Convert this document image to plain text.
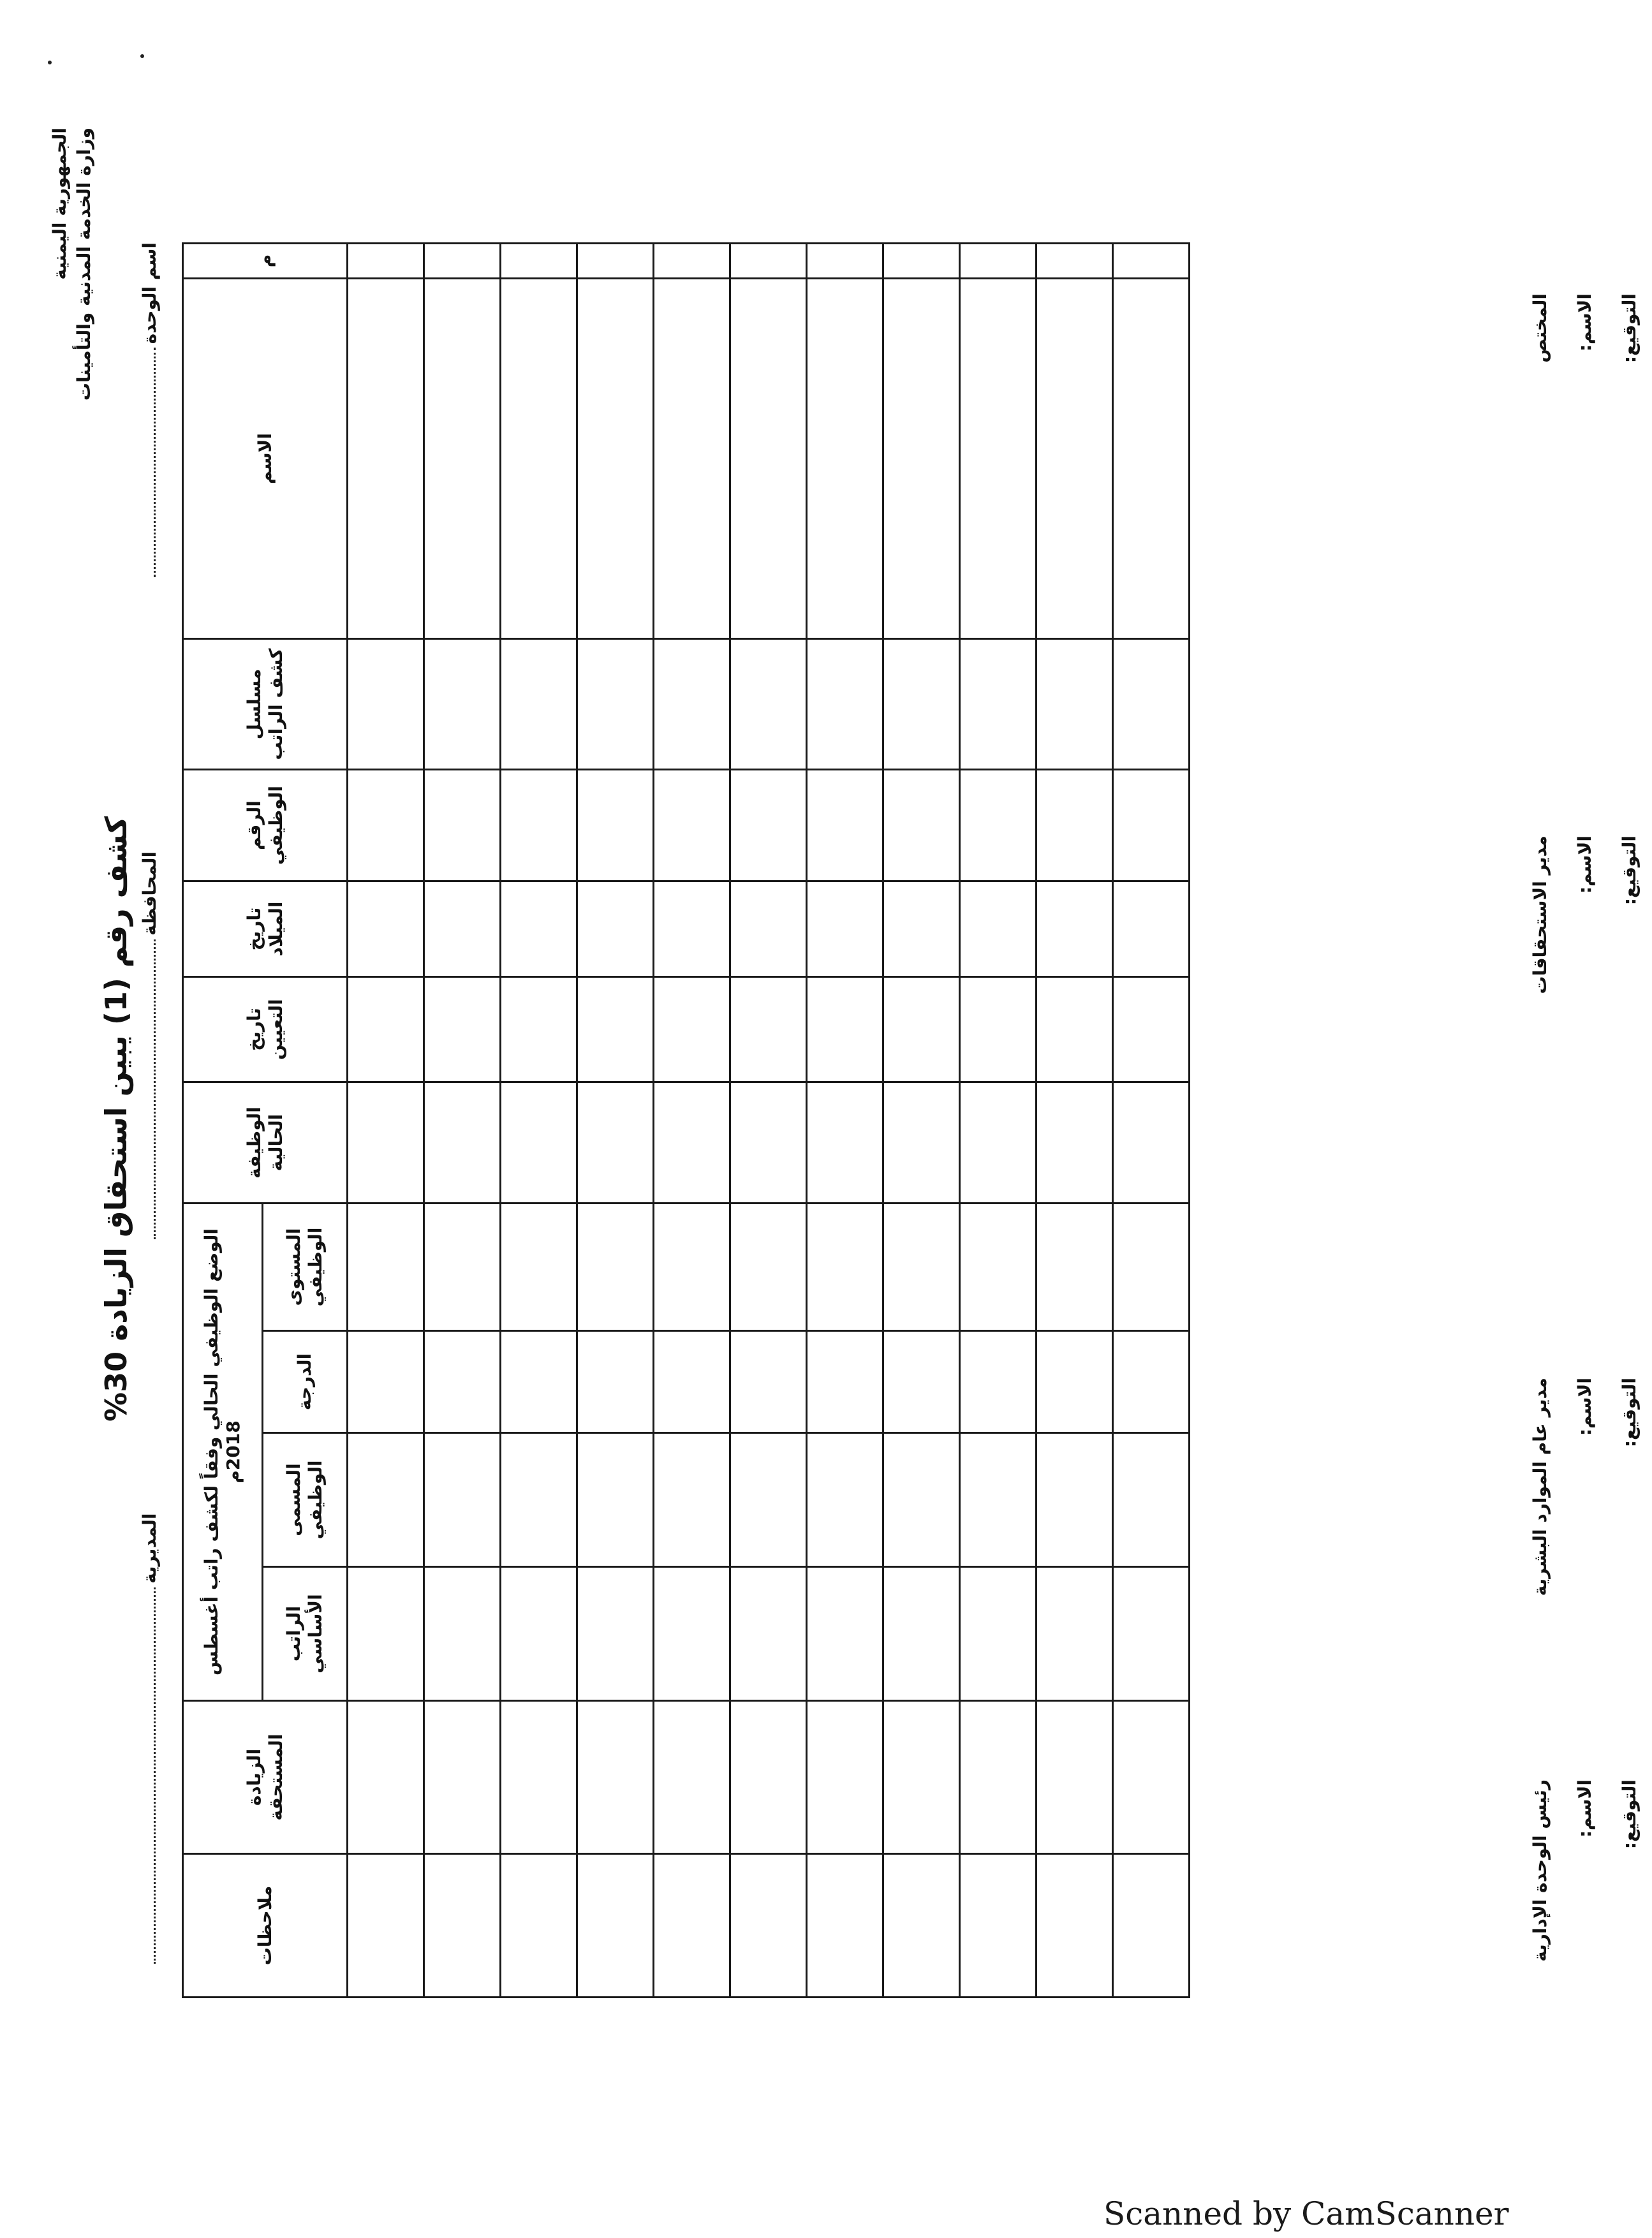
الجمهورية اليمنية وزارة الخدمة المدنية والتأمينات
كشف رقم (1) يبين استحقاق الزيادة 30%
اسم الوحدة
المحافظة
المديرية
م	الاسم	مسلسل كشف الراتب	الرقم الوظيفي	تاريخ الميلاد	تاريخ التعيين	الوظيفة الحالية	الوضع الوظيفي الحالي وفقاً لكشف راتب أغسطس 2018م				الزيادة المستحقة	ملاحظات
							المستوى الوظيفي	الدرجة	المسمى الوظيفي	الراتب الأساسي		

المختص	الاسم:	التوقيع:
مدير الاستحقاقات	الاسم:	التوقيع:
مدير عام الموارد البشرية	الاسم:	التوقيع:
رئيس الوحدة الإدارية	الاسم:	التوقيع:
Scanned by CamScanner
